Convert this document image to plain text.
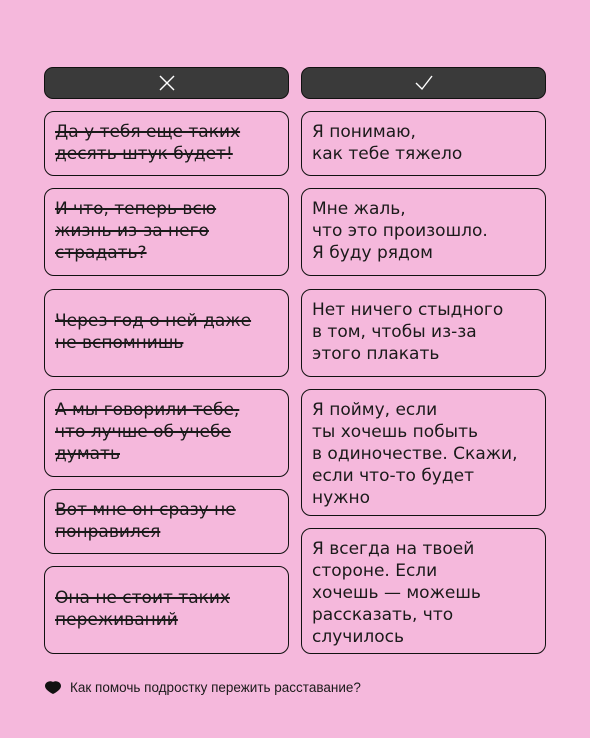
Да у тебя еще таких
десять штук будет!
И что, теперь всю
жизнь из-за него
страдать?
Через год о ней даже
не вспомнишь
А мы говорили тебе,
что лучше об учебе
думать
Вот мне он сразу не
понравился
Она не стоит таких
переживаний
Я понимаю,
как тебе тяжело
Мне жаль,
что это произошло.
Я буду рядом
Нет ничего стыдного
в том, чтобы из-за
этого плакать
Я пойму, если
ты хочешь побыть
в одиночестве. Скажи,
если что-то будет
нужно
Я всегда на твоей
стороне. Если
хочешь — можешь
рассказать, что
случилось
Как помочь подростку пережить расставание?
